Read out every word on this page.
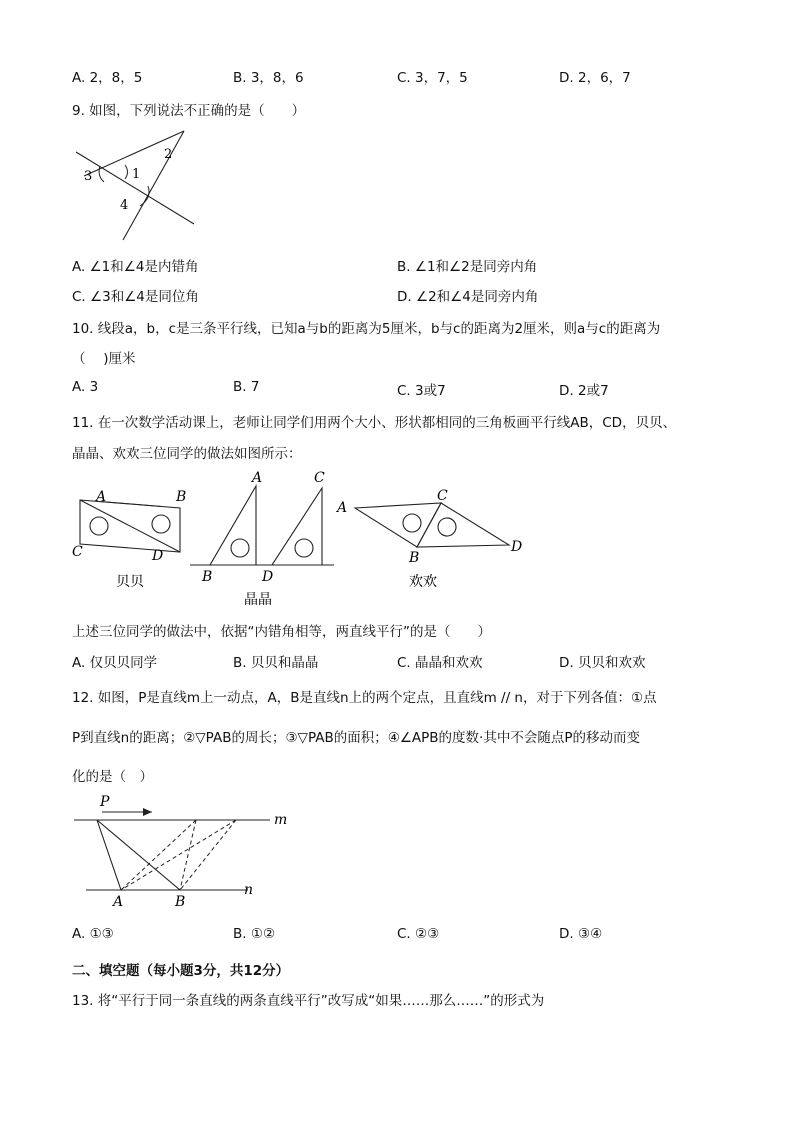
A. 2，8，5	B. 3，8，6	C. 3，7，5	D. 2，6，7
9. 如图，下列说法不正确的是（　　）
3	1
2
4
A. ∠1和∠4是内错角	B. ∠1和∠2是同旁内角
C. ∠3和∠4是同位角	D. ∠2和∠4是同旁内角
10. 线段a，b，c是三条平行线，已知a与b的距离为5厘米，b与c的距离为2厘米，则a与c的距离为
（　 )厘米
A. 3	B. 7	C. 3或7	D. 2或7
11. 在一次数学活动课上，老师让同学们用两个大小、形状都相同的三角板画平行线AB，CD，贝贝、
晶晶、欢欢三位同学的做法如图所示：
A	B
C	D
贝贝
A	C
B	D
晶晶
A
C
B
D
欢欢
上述三位同学的做法中，依据“内错角相等，两直线平行”的是（　　）
A. 仅贝贝同学	B. 贝贝和晶晶	C. 晶晶和欢欢	D. 贝贝和欢欢
12. 如图，P是直线m上一动点，A，B是直线n上的两个定点，且直线m // n，对于下列各值：①点
P到直线n的距离；②▽PAB的周长；③▽PAB的面积；④∠APB的度数·其中不会随点P的移动而变
化的是（　）
P
m
n
A	B
A. ①③	B. ①②	C. ②③	D. ③④
二、填空题（每小题3分，共12分）
13. 将“平行于同一条直线的两条直线平行”改写成“如果……那么……”的形式为
